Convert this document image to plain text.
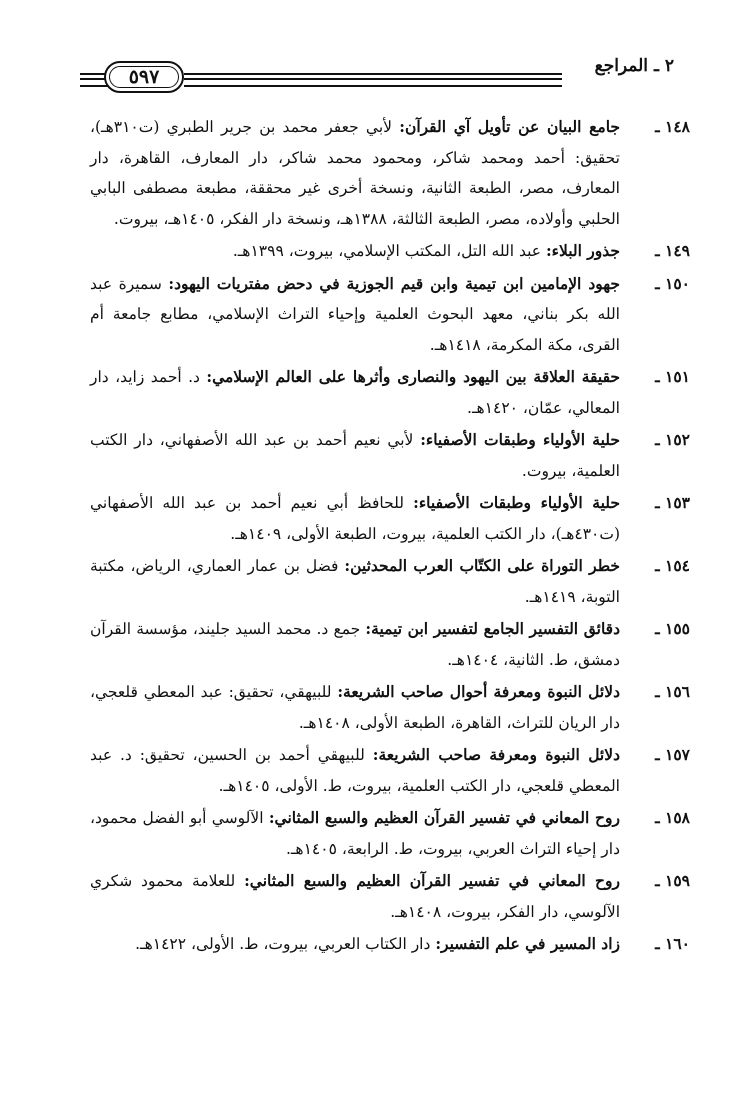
٢ ـ المراجع
٥٩٧
١٤٨ ـ
جامع البيان عن تأويل آي القرآن: لأبي جعفر محمد بن جرير الطبري (ت٣١٠هـ)، تحقيق: أحمد ومحمد شاكر، ومحمود محمد شاكر، دار المعارف، القاهرة، دار المعارف، مصر، الطبعة الثانية، ونسخة أخرى غير محققة، مطبعة مصطفى البابي الحلبي وأولاده، مصر، الطبعة الثالثة، ١٣٨٨هـ، ونسخة دار الفكر، ١٤٠٥هـ، بيروت.
١٤٩ ـ
جذور البلاء: عبد الله التل، المكتب الإسلامي، بيروت، ١٣٩٩هـ.
١٥٠ ـ
جهود الإمامين ابن تيمية وابن قيم الجوزية في دحض مفتريات اليهود: سميرة عبد الله بكر بناني، معهد البحوث العلمية وإحياء التراث الإسلامي، مطابع جامعة أم القرى، مكة المكرمة، ١٤١٨هـ.
١٥١ ـ
حقيقة العلاقة بين اليهود والنصارى وأثرها على العالم الإسلامي: د. أحمد زايد، دار المعالي، عمّان، ١٤٢٠هـ.
١٥٢ ـ
حلية الأولياء وطبقات الأصفياء: لأبي نعيم أحمد بن عبد الله الأصفهاني، دار الكتب العلمية، بيروت.
١٥٣ ـ
حلية الأولياء وطبقات الأصفياء: للحافظ أبي نعيم أحمد بن عبد الله الأصفهاني (ت٤٣٠هـ)، دار الكتب العلمية، بيروت، الطبعة الأولى، ١٤٠٩هـ.
١٥٤ ـ
خطر التوراة على الكتّاب العرب المحدثين: فضل بن عمار العماري، الرياض، مكتبة التوبة، ١٤١٩هـ.
١٥٥ ـ
دقائق التفسير الجامع لتفسير ابن تيمية: جمع د. محمد السيد جليند، مؤسسة القرآن دمشق، ط. الثانية، ١٤٠٤هـ.
١٥٦ ـ
دلائل النبوة ومعرفة أحوال صاحب الشريعة: للبيهقي، تحقيق: عبد المعطي قلعجي، دار الريان للتراث، القاهرة، الطبعة الأولى، ١٤٠٨هـ.
١٥٧ ـ
دلائل النبوة ومعرفة صاحب الشريعة: للبيهقي أحمد بن الحسين، تحقيق: د. عبد المعطي قلعجي، دار الكتب العلمية، بيروت، ط. الأولى، ١٤٠٥هـ.
١٥٨ ـ
روح المعاني في تفسير القرآن العظيم والسبع المثاني: الآلوسي أبو الفضل محمود، دار إحياء التراث العربي، بيروت، ط. الرابعة، ١٤٠٥هـ.
١٥٩ ـ
روح المعاني في تفسير القرآن العظيم والسبع المثاني: للعلامة محمود شكري الآلوسي، دار الفكر، بيروت، ١٤٠٨هـ.
١٦٠ ـ
زاد المسير في علم التفسير: دار الكتاب العربي، بيروت، ط. الأولى، ١٤٢٢هـ.
